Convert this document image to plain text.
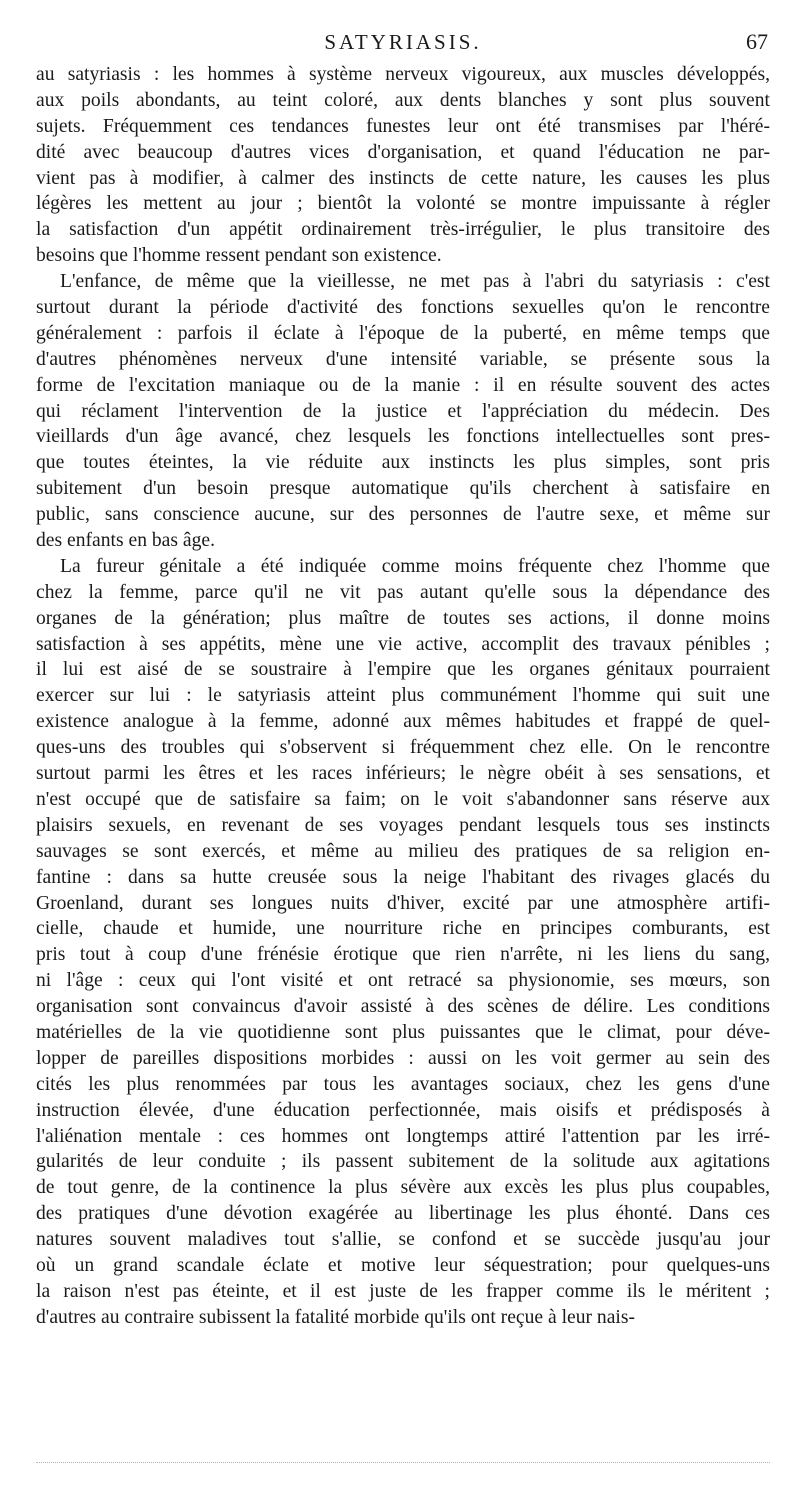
SATYRIASIS.	67
au satyriasis : les hommes à système nerveux vigoureux, aux muscles développés,
aux poils abondants, au teint coloré, aux dents blanches y sont plus souvent
sujets. Fréquemment ces tendances funestes leur ont été transmises par l'héré-
dité avec beaucoup d'autres vices d'organisation, et quand l'éducation ne par-
vient pas à modifier, à calmer des instincts de cette nature, les causes les plus
légères les mettent au jour ; bientôt la volonté se montre impuissante à régler
la satisfaction d'un appétit ordinairement très-irrégulier, le plus transitoire des
besoins que l'homme ressent pendant son existence.
L'enfance, de même que la vieillesse, ne met pas à l'abri du satyriasis : c'est
surtout durant la période d'activité des fonctions sexuelles qu'on le rencontre
généralement : parfois il éclate à l'époque de la puberté, en même temps que
d'autres phénomènes nerveux d'une intensité variable, se présente sous la
forme de l'excitation maniaque ou de la manie : il en résulte souvent des actes
qui réclament l'intervention de la justice et l'appréciation du médecin. Des
vieillards d'un âge avancé, chez lesquels les fonctions intellectuelles sont pres-
que toutes éteintes, la vie réduite aux instincts les plus simples, sont pris
subitement d'un besoin presque automatique qu'ils cherchent à satisfaire en
public, sans conscience aucune, sur des personnes de l'autre sexe, et même sur
des enfants en bas âge.
La fureur génitale a été indiquée comme moins fréquente chez l'homme que
chez la femme, parce qu'il ne vit pas autant qu'elle sous la dépendance des
organes de la génération; plus maître de toutes ses actions, il donne moins
satisfaction à ses appétits, mène une vie active, accomplit des travaux pénibles ;
il lui est aisé de se soustraire à l'empire que les organes génitaux pourraient
exercer sur lui : le satyriasis atteint plus communément l'homme qui suit une
existence analogue à la femme, adonné aux mêmes habitudes et frappé de quel-
ques-uns des troubles qui s'observent si fréquemment chez elle. On le rencontre
surtout parmi les êtres et les races inférieurs; le nègre obéit à ses sensations, et
n'est occupé que de satisfaire sa faim; on le voit s'abandonner sans réserve aux
plaisirs sexuels, en revenant de ses voyages pendant lesquels tous ses instincts
sauvages se sont exercés, et même au milieu des pratiques de sa religion en-
fantine : dans sa hutte creusée sous la neige l'habitant des rivages glacés du
Groenland, durant ses longues nuits d'hiver, excité par une atmosphère artifi-
cielle, chaude et humide, une nourriture riche en principes comburants, est
pris tout à coup d'une frénésie érotique que rien n'arrête, ni les liens du sang,
ni l'âge : ceux qui l'ont visité et ont retracé sa physionomie, ses mœurs, son
organisation sont convaincus d'avoir assisté à des scènes de délire. Les conditions
matérielles de la vie quotidienne sont plus puissantes que le climat, pour déve-
lopper de pareilles dispositions morbides : aussi on les voit germer au sein des
cités les plus renommées par tous les avantages sociaux, chez les gens d'une
instruction élevée, d'une éducation perfectionnée, mais oisifs et prédisposés à
l'aliénation mentale : ces hommes ont longtemps attiré l'attention par les irré-
gularités de leur conduite ; ils passent subitement de la solitude aux agitations
de tout genre, de la continence la plus sévère aux excès les plus plus coupables,
des pratiques d'une dévotion exagérée au libertinage les plus éhonté. Dans ces
natures souvent maladives tout s'allie, se confond et se succède jusqu'au jour
où un grand scandale éclate et motive leur séquestration; pour quelques-uns
la raison n'est pas éteinte, et il est juste de les frapper comme ils le méritent ;
d'autres au contraire subissent la fatalité morbide qu'ils ont reçue à leur nais-
